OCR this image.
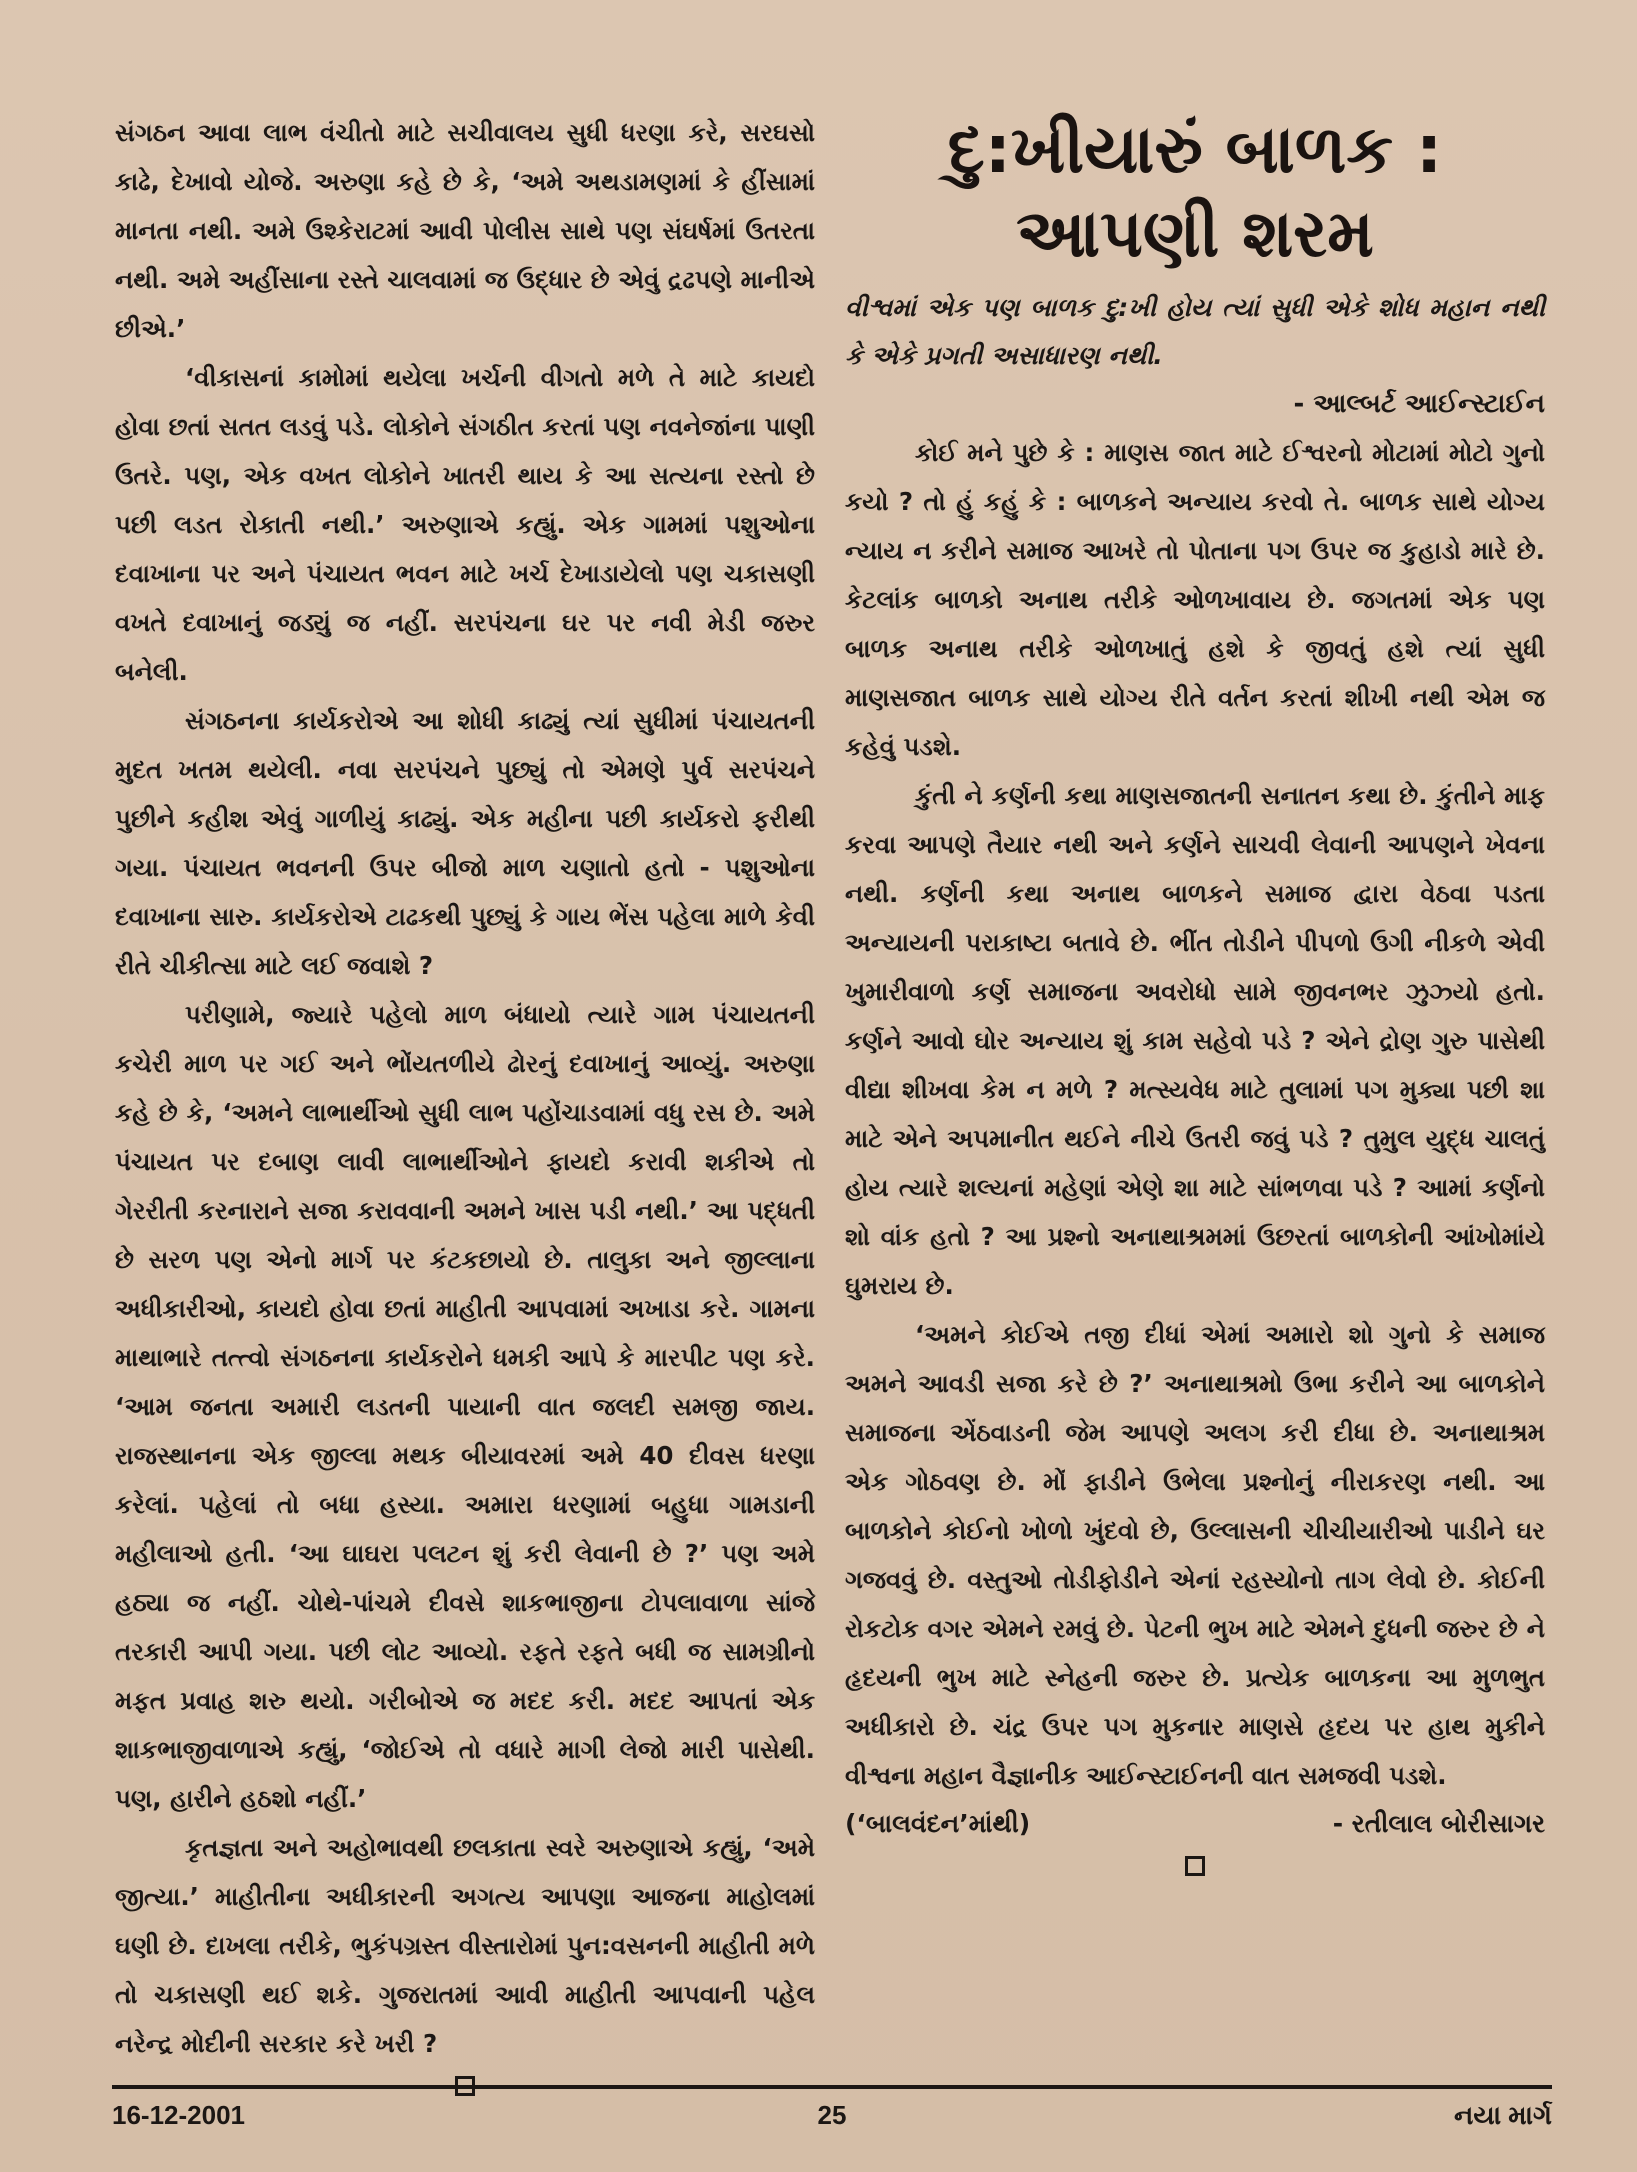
સંગઠન આવા લાભ વંચીતો માટે સચીવાલય સુધી ધરણા કરે, સરઘસો કાઢે, દેખાવો યોજે. અરુણા કહે છે કે, ‘અમે અથડામણમાં કે હીંસામાં માનતા નથી. અમે ઉશ્કેરાટમાં આવી પોલીસ સાથે પણ સંઘર્ષમાં ઉતરતા નથી. અમે અહીંસાના રસ્તે ચાલવામાં જ ઉદ્ધાર છે એવું દ્રઢપણે માનીએ છીએ.’

‘વીકાસનાં કામોમાં થયેલા ખર્ચની વીગતો મળે તે માટે કાયદો હોવા છતાં સતત લડવું પડે. લોકોને સંગઠીત કરતાં પણ નવનેજાંના પાણી ઉતરે. પણ, એક વખત લોકોને ખાતરી થાય કે આ સત્યના રસ્તો છે પછી લડત રોકાતી નથી.’ અરુણાએ કહ્યું. એક ગામમાં પશુઓના દવાખાના પર અને પંચાયત ભવન માટે ખર્ચ દેખાડાયેલો પણ ચકાસણી વખતે દવાખાનું જડ્યું જ નહીં. સરપંચના ઘર પર નવી મેડી જરુર બનેલી.

સંગઠનના કાર્યકરોએ આ શોધી કાઢ્યું ત્યાં સુધીમાં પંચાયતની મુદત ખતમ થયેલી. નવા સરપંચને પુછ્યું તો એમણે પુર્વ સરપંચને પુછીને કહીશ એવું ગાળીયું કાઢ્યું. એક મહીના પછી કાર્યકરો ફરીથી ગયા. પંચાયત ભવનની ઉપર બીજો માળ ચણાતો હતો - પશુઓના દવાખાના સારુ. કાર્યકરોએ ટાઢકથી પુછ્યું કે ગાય ભેંસ પહેલા માળે કેવી રીતે ચીકીત્સા માટે લઈ જવાશે ?

પરીણામે, જ્યારે પહેલો માળ બંધાયો ત્યારે ગામ પંચાયતની કચેરી માળ પર ગઈ અને ભોંયતળીયે ઢોરનું દવાખાનું આવ્યું. અરુણા કહે છે કે, ‘અમને લાભાર્થીઓ સુધી લાભ પહોંચાડવામાં વધુ રસ છે. અમે પંચાયત પર દબાણ લાવી લાભાર્થીઓને ફાયદો કરાવી શકીએ તો ગેરરીતી કરનારાને સજા કરાવવાની અમને ખાસ પડી નથી.’ આ પદ્ધતી છે સરળ પણ એનો માર્ગ પર કંટકછાયો છે. તાલુકા અને જીલ્લાના અધીકારીઓ, કાયદો હોવા છતાં માહીતી આપવામાં અખાડા કરે. ગામના માથાભારે તત્ત્વો સંગઠનના કાર્યકરોને ધમકી આપે કે મારપીટ પણ કરે. ‘આમ જનતા અમારી લડતની પાયાની વાત જલદી સમજી જાય. રાજસ્થાનના એક જીલ્લા મથક બીયાવરમાં અમે 40 દીવસ ધરણા કરેલાં. પહેલાં તો બધા હસ્યા. અમારા ધરણામાં બહુધા ગામડાની મહીલાઓ હતી. ‘આ ઘાઘરા પલટન શું કરી લેવાની છે ?’ પણ અમે હઠ્યા જ નહીં. ચોથે-પાંચમે દીવસે શાકભાજીના ટોપલાવાળા સાંજે તરકારી આપી ગયા. પછી લોટ આવ્યો. રફતે રફતે બધી જ સામગ્રીનો મફત પ્રવાહ શરુ થયો. ગરીબોએ જ મદદ કરી. મદદ આપતાં એક શાકભાજીવાળાએ કહ્યું, ‘જોઈએ તો વધારે માગી લેજો મારી પાસેથી. પણ, હારીને હઠશો નહીં.’

કૃતજ્ઞતા અને અહોભાવથી છલકાતા સ્વરે અરુણાએ કહ્યું, ‘અમે જીત્યા.’ માહીતીના અધીકારની અગત્ય આપણા આજના માહોલમાં ઘણી છે. દાખલા તરીકે, ભુકંપગ્રસ્ત વીસ્તારોમાં પુન:વસનની માહીતી મળે તો ચકાસણી થઈ શકે. ગુજરાતમાં આવી માહીતી આપવાની પહેલ નરેન્દ્ર મોદીની સરકાર કરે ખરી ?

દુ:ખીયારું બાળક :
આપણી શરમ

વીશ્વમાં એક પણ બાળક દુ:ખી હોય ત્યાં સુધી એકે શોધ મહાન નથી કે એકે પ્રગતી અસાધારણ નથી.

- આલ્બર્ટ આઈન્સ્ટાઈન

કોઈ મને પુછે કે : માણસ જાત માટે ઈશ્વરનો મોટામાં મોટો ગુનો કયો ? તો હું કહું કે : બાળકને અન્યાય કરવો તે. બાળક સાથે યોગ્ય ન્યાય ન કરીને સમાજ આખરે તો પોતાના પગ ઉપર જ કુહાડો મારે છે. કેટલાંક બાળકો અનાથ તરીકે ઓળખાવાય છે. જગતમાં એક પણ બાળક અનાથ તરીકે ઓળખાતું હશે કે જીવતું હશે ત્યાં સુધી માણસજાત બાળક સાથે યોગ્ય રીતે વર્તન કરતાં શીખી નથી એમ જ કહેવું પડશે.

કુંતી ને કર્ણની કથા માણસજાતની સનાતન કથા છે. કુંતીને માફ કરવા આપણે તૈયાર નથી અને કર્ણને સાચવી લેવાની આપણને ખેવના નથી. કર્ણની કથા અનાથ બાળકને સમાજ દ્વારા વેઠવા પડતા અન્યાયની પરાકાષ્ટા બતાવે છે. ભીંત તોડીને પીપળો ઉગી નીકળે એવી ખુમારીવાળો કર્ણ સમાજના અવરોધો સામે જીવનભર ઝુઝ્યો હતો. કર્ણને આવો ઘોર અન્યાય શું કામ સહેવો પડે ? એને દ્રોણ ગુરુ પાસેથી વીદ્યા શીખવા કેમ ન મળે ? મત્સ્યવેધ માટે તુલામાં પગ મુક્યા પછી શા માટે એને અપમાનીત થઈને નીચે ઉતરી જવું પડે ? તુમુલ યુદ્ધ ચાલતું હોય ત્યારે શલ્યનાં મહેણાં એણે શા માટે સાંભળવા પડે ? આમાં કર્ણનો શો વાંક હતો ? આ પ્રશ્નો અનાથાશ્રમમાં ઉછરતાં બાળકોની આંખોમાંયે ઘુમરાય છે.

‘અમને કોઈએ તજી દીધાં એમાં અમારો શો ગુનો કે સમાજ અમને આવડી સજા કરે છે ?’ અનાથાશ્રમો ઉભા કરીને આ બાળકોને સમાજના એંઠવાડની જેમ આપણે અલગ કરી દીધા છે. અનાથાશ્રમ એક ગોઠવણ છે. મોં ફાડીને ઉભેલા પ્રશ્નોનું નીરાકરણ નથી. આ બાળકોને કોઈનો ખોળો ખુંદવો છે, ઉલ્લાસની ચીચીયારીઓ પાડીને ઘર ગજવવું છે. વસ્તુઓ તોડીફોડીને એનાં રહસ્યોનો તાગ લેવો છે. કોઈની રોકટોક વગર એમને રમવું છે. પેટની ભુખ માટે એમને દુધની જરુર છે ને હૃદયની ભુખ માટે સ્નેહની જરુર છે. પ્રત્યેક બાળકના આ મુળભુત અધીકારો છે. ચંદ્ર ઉપર પગ મુકનાર માણસે હૃદય પર હાથ મુકીને વીશ્વના મહાન વૈજ્ઞાનીક આઈન્સ્ટાઈનની વાત સમજવી પડશે.

(‘બાલવંદન’માંથી)	- રતીલાલ બોરીસાગર
16-12-2001	25	નયા માર્ગ
